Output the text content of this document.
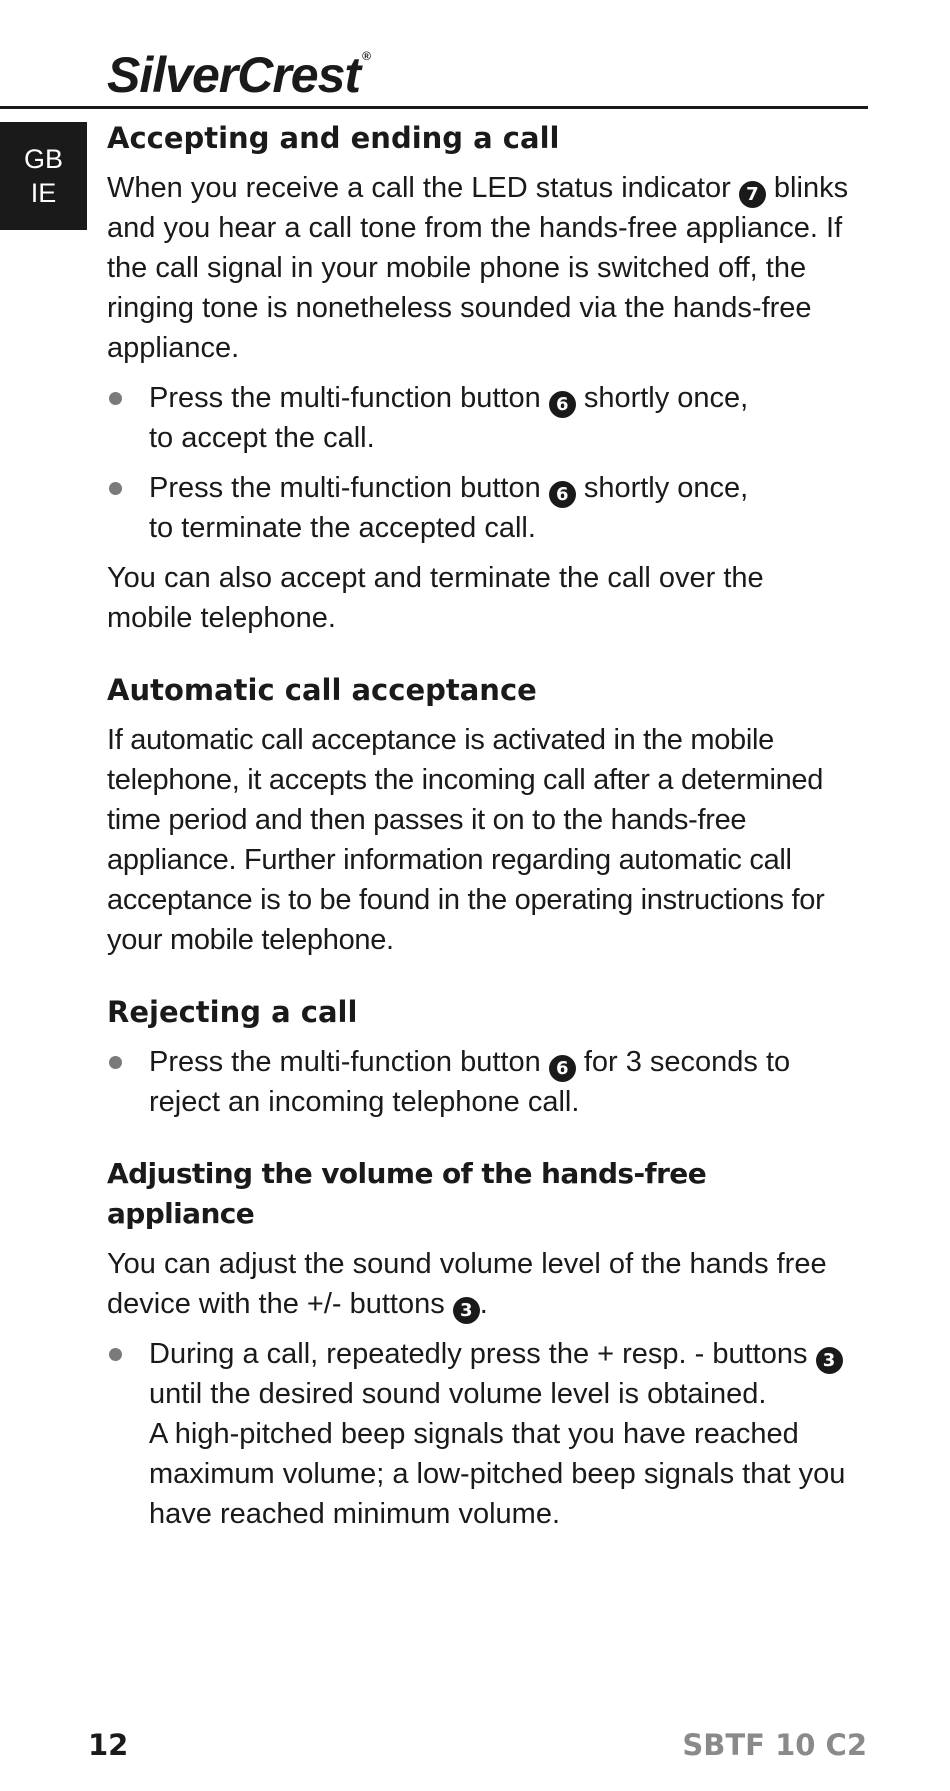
SilverCrest ®
GB
IE
Accepting and ending a call

When you receive a call the LED status indicator 7 blinks and you hear a call tone from the hands-free appliance. If the call signal in your mobile phone is switched off, the ringing tone is nonetheless sounded via the hands-free appliance.

Press the multi-function button 6 shortly once,
to accept the call.
Press the multi-function button 6 shortly once,
to terminate the accepted call.

You can also accept and terminate the call over the mobile telephone.

Automatic call acceptance

If automatic call acceptance is activated in the mobile telephone, it accepts the incoming call after a determined time period and then passes it on to the hands-free appliance. Further information regarding automatic call acceptance is to be found in the operating instructions for your mobile telephone.

Rejecting a call
Press the multi-function button 6 for 3 seconds to
reject an incoming telephone call.
Adjusting the volume of the hands-free appliance

You can adjust the sound volume level of the hands free device with the +/- buttons 3 .

During a call, repeatedly press the + resp. - buttons 3
until the desired sound volume level is obtained.
A high-pitched beep signals that you have reached maximum volume; a low-pitched beep signals that you have reached minimum volume.
12	SBTF 10 C2
